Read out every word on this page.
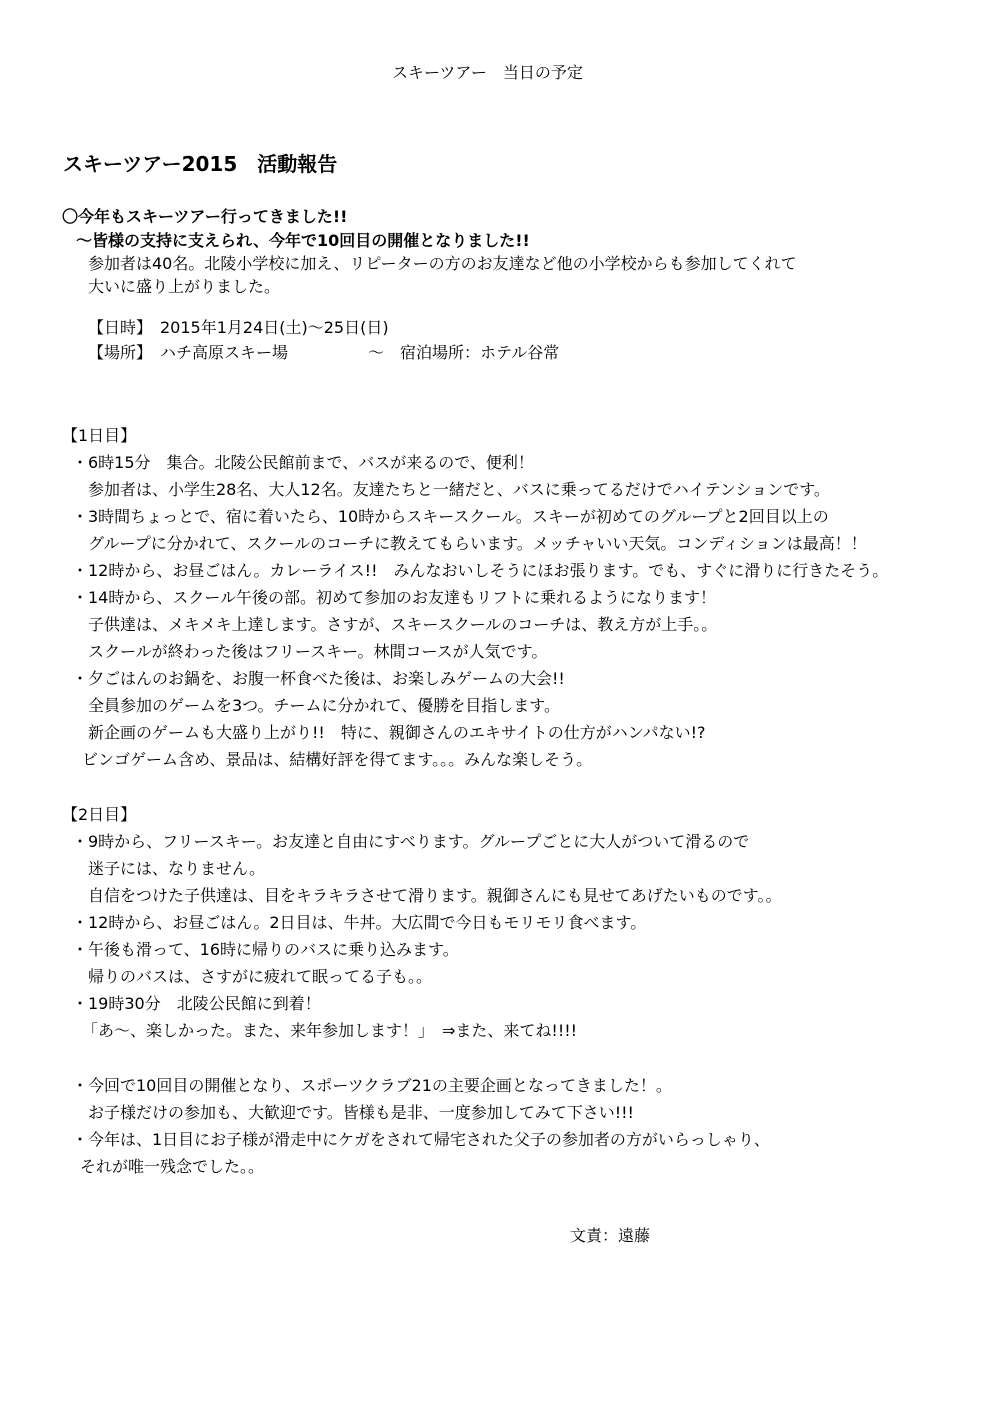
スキーツアー　当日の予定
スキーツアー2015　活動報告
〇今年もスキーツアー行ってきました!!
〜皆様の支持に支えられ、今年で10回目の開催となりました!!
参加者は40名。北陵小学校に加え、リピーターの方のお友達など他の小学校からも参加してくれて
大いに盛り上がりました。
【日時】　2015年1月24日(土)〜25日(日)
【場所】　ハチ高原スキー場　　　　　〜　宿泊場所：ホテル谷常
【1日目】
・6時15分　集合。北陵公民館前まで、バスが来るので、便利！
参加者は、小学生28名、大人12名。友達たちと一緒だと、バスに乗ってるだけでハイテンションです。
・3時間ちょっとで、宿に着いたら、10時からスキースクール。スキーが初めてのグループと2回目以上の
グループに分かれて、スクールのコーチに教えてもらいます。メッチャいい天気。コンディションは最高！！
・12時から、お昼ごはん。カレーライス!!　みんなおいしそうにほお張ります。でも、すぐに滑りに行きたそう。
・14時から、スクール午後の部。初めて参加のお友達もリフトに乗れるようになります！
子供達は、メキメキ上達します。さすが、スキースクールのコーチは、教え方が上手。。
スクールが終わった後はフリースキー。林間コースが人気です。
・夕ごはんのお鍋を、お腹一杯食べた後は、お楽しみゲームの大会!!
全員参加のゲームを3つ。チームに分かれて、優勝を目指します。
新企画のゲームも大盛り上がり!!　特に、親御さんのエキサイトの仕方がハンパない!?
ビンゴゲーム含め、景品は、結構好評を得てます。。。みんな楽しそう。
【2日目】
・9時から、フリースキー。お友達と自由にすべります。グループごとに大人がついて滑るので
迷子には、なりません。
自信をつけた子供達は、目をキラキラさせて滑ります。親御さんにも見せてあげたいものです。。
・12時から、お昼ごはん。2日目は、牛丼。大広間で今日もモリモリ食べます。
・午後も滑って、16時に帰りのバスに乗り込みます。
帰りのバスは、さすがに疲れて眠ってる子も。。
・19時30分　北陵公民館に到着！
「あ〜、楽しかった。また、来年参加します！」　⇒また、来てね!!!!
・今回で10回目の開催となり、スポーツクラブ21の主要企画となってきました！。
お子様だけの参加も、大歓迎です。皆様も是非、一度参加してみて下さい!!!
・今年は、1日目にお子様が滑走中にケガをされて帰宅された父子の参加者の方がいらっしゃり、
それが唯一残念でした。。
文責：遠藤
